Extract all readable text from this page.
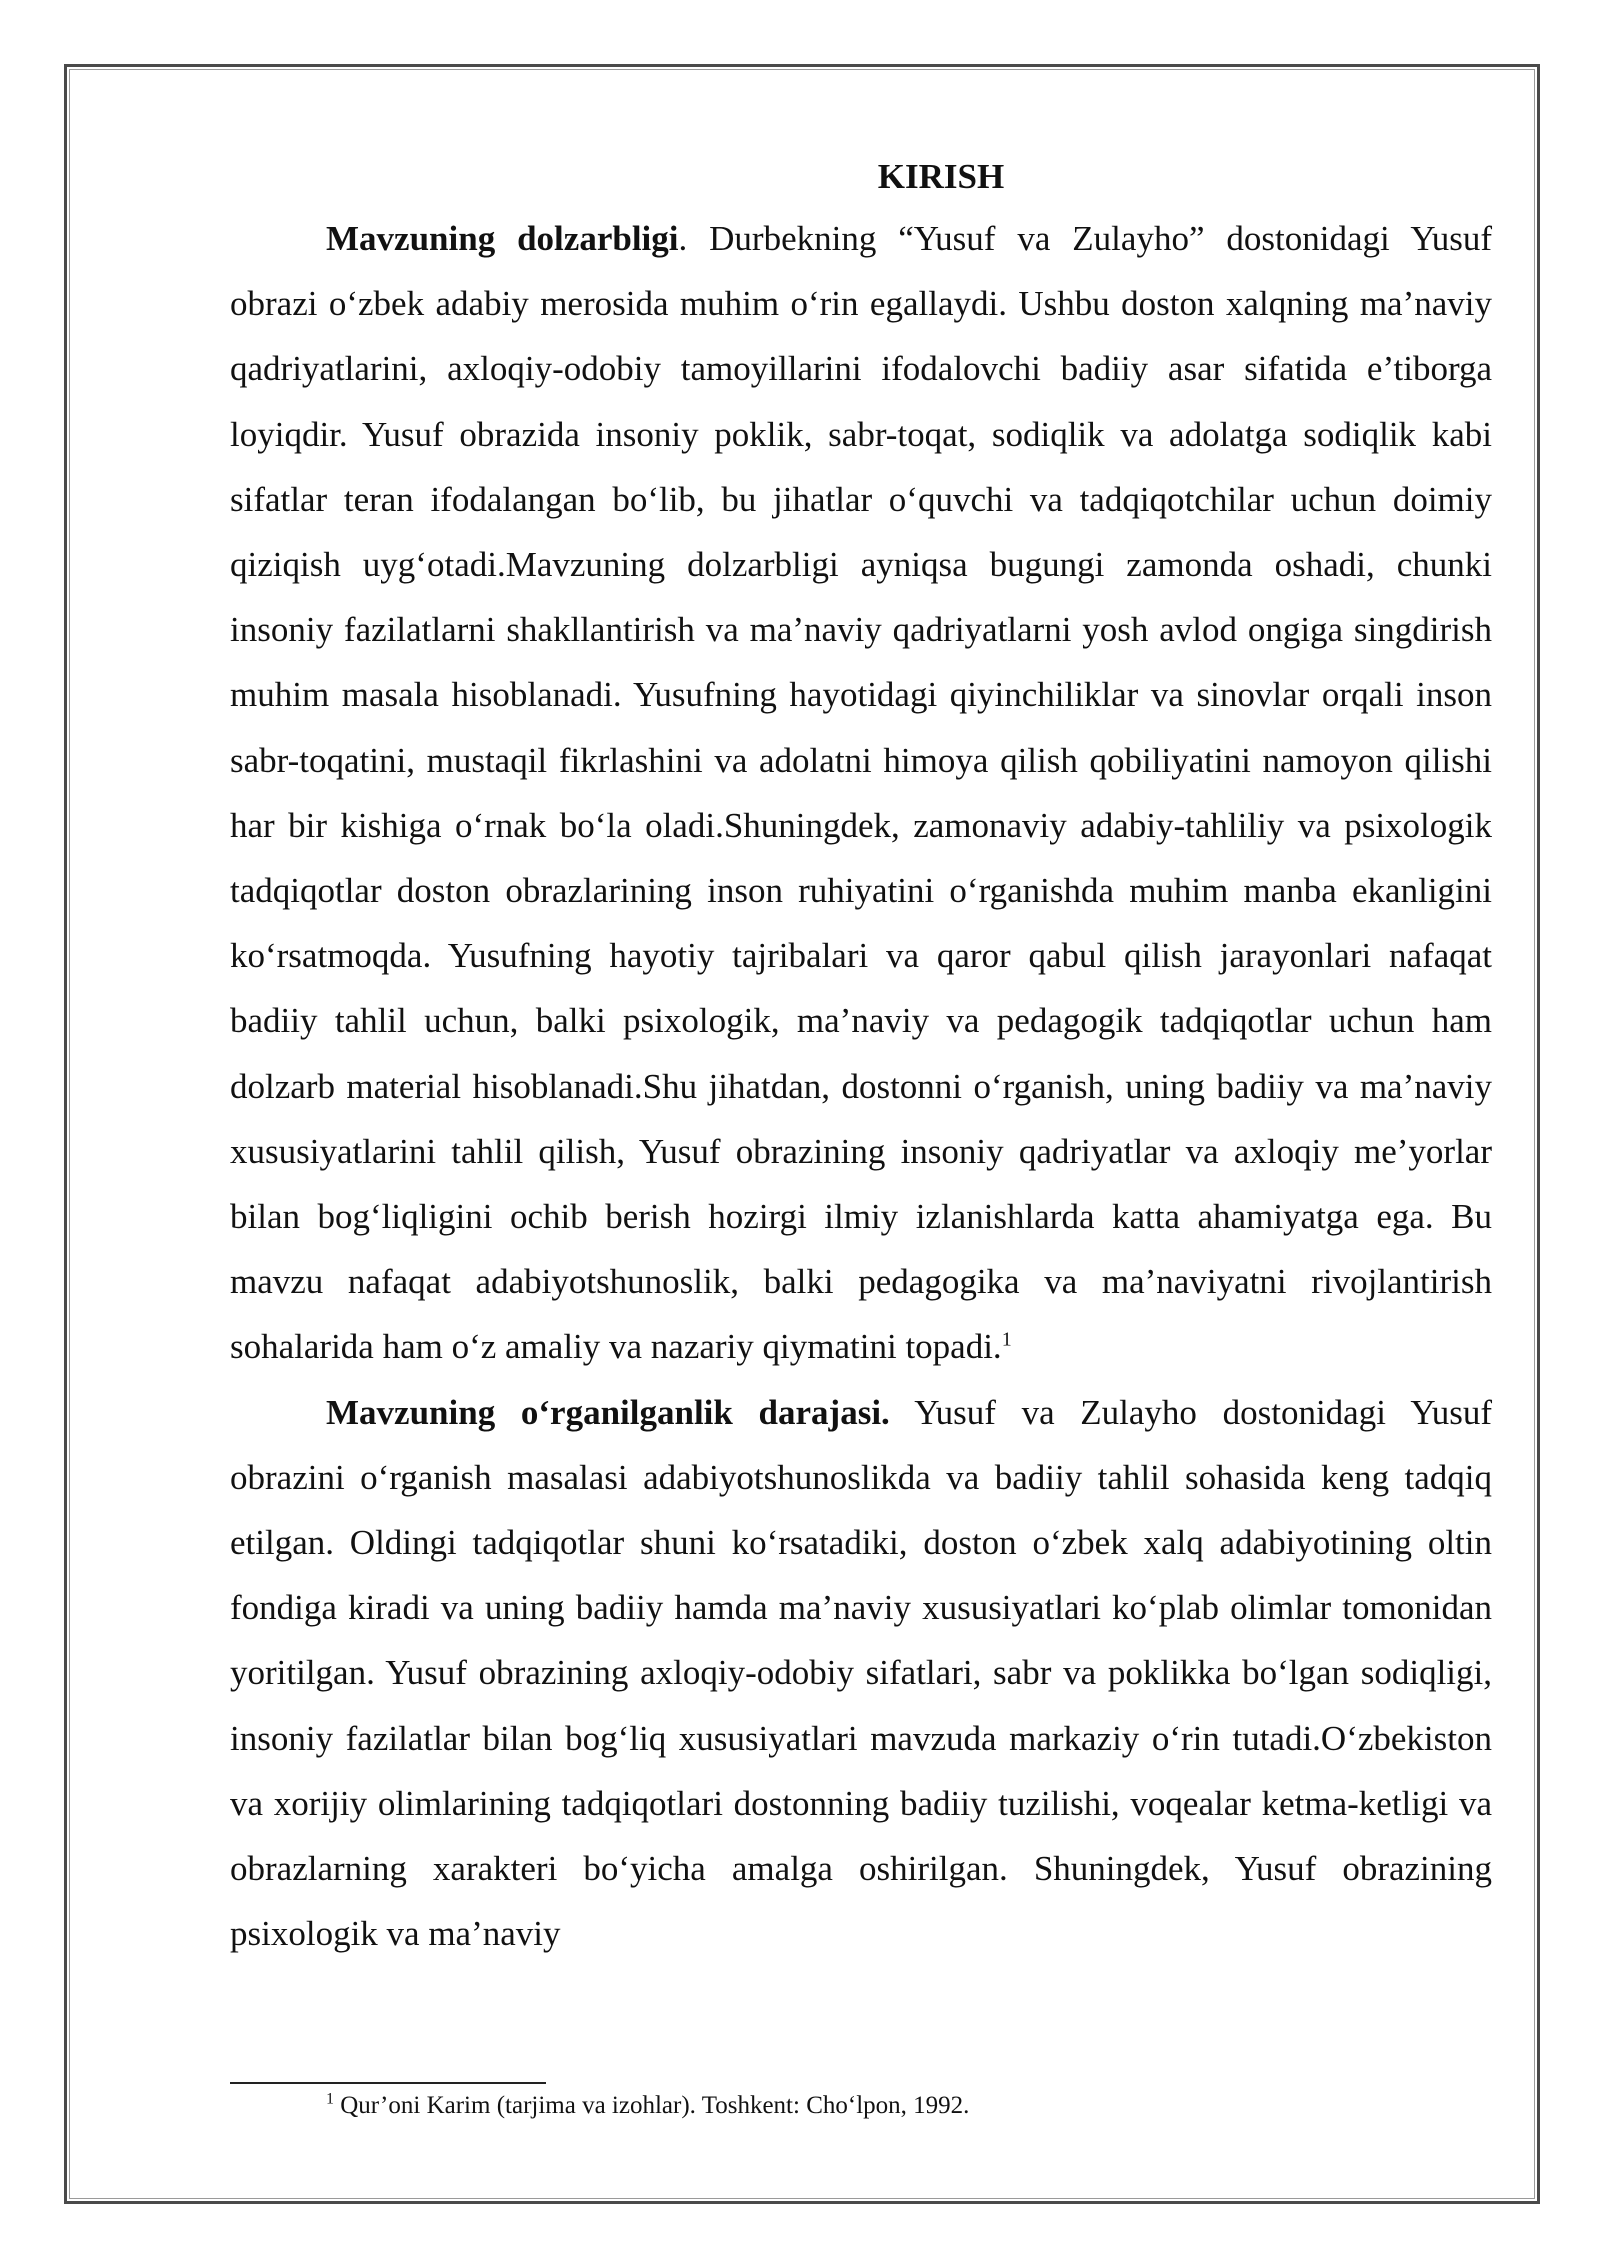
KIRISH

Mavzuning dolzarbligi. Durbekning “Yusuf va Zulayho” dostonidagi Yusuf obrazi o‘zbek adabiy merosida muhim o‘rin egallaydi. Ushbu doston xalqning ma’naviy qadriyatlarini, axloqiy-odobiy tamoyillarini ifodalovchi badiiy asar sifatida e’tiborga loyiqdir. Yusuf obrazida insoniy poklik, sabr-toqat, sodiqlik va adolatga sodiqlik kabi sifatlar teran ifodalangan bo‘lib, bu jihatlar o‘quvchi va tadqiqotchilar uchun doimiy qiziqish uyg‘otadi.Mavzuning dolzarbligi ayniqsa bugungi zamonda oshadi, chunki insoniy fazilatlarni shakllantirish va ma’naviy qadriyatlarni yosh avlod ongiga singdirish muhim masala hisoblanadi. Yusufning hayotidagi qiyinchiliklar va sinovlar orqali inson sabr-toqatini, mustaqil fikrlashini va adolatni himoya qilish qobiliyatini namoyon qilishi har bir kishiga o‘rnak bo‘la oladi.Shuningdek, zamonaviy adabiy-tahliliy va psixologik tadqiqotlar doston obrazlarining inson ruhiyatini o‘rganishda muhim manba ekanligini ko‘rsatmoqda. Yusufning hayotiy tajribalari va qaror qabul qilish jarayonlari nafaqat badiiy tahlil uchun, balki psixologik, ma’naviy va pedagogik tadqiqotlar uchun ham dolzarb material hisoblanadi.Shu jihatdan, dostonni o‘rganish, uning badiiy va ma’naviy xususiyatlarini tahlil qilish, Yusuf obrazining insoniy qadriyatlar va axloqiy me’yorlar bilan bog‘liqligini ochib berish hozirgi ilmiy izlanishlarda katta ahamiyatga ega. Bu mavzu nafaqat adabiyotshunoslik, balki pedagogika va ma’naviyatni rivojlantirish sohalarida ham o‘z amaliy va nazariy qiymatini topadi.$^1$

Mavzuning o‘rganilganlik darajasi. Yusuf va Zulayho dostonidagi Yusuf obrazini o‘rganish masalasi adabiyotshunoslikda va badiiy tahlil sohasida keng tadqiq etilgan. Oldingi tadqiqotlar shuni ko‘rsatadiki, doston o‘zbek xalq adabiyotining oltin fondiga kiradi va uning badiiy hamda ma’naviy xususiyatlari ko‘plab olimlar tomonidan yoritilgan. Yusuf obrazining axloqiy-odobiy sifatlari, sabr va poklikka bo‘lgan sodiqligi, insoniy fazilatlar bilan bog‘liq xususiyatlari mavzuda markaziy o‘rin tutadi.O‘zbekiston va xorijiy olimlarining tadqiqotlari dostonning badiiy tuzilishi, voqealar ketma-ketligi va obrazlarning xarakteri bo‘yicha amalga oshirilgan. Shuningdek, Yusuf obrazining psixologik va ma’naviy

$^1$ Qur’oni Karim (tarjima va izohlar). Toshkent: Cho‘lpon, 1992.
